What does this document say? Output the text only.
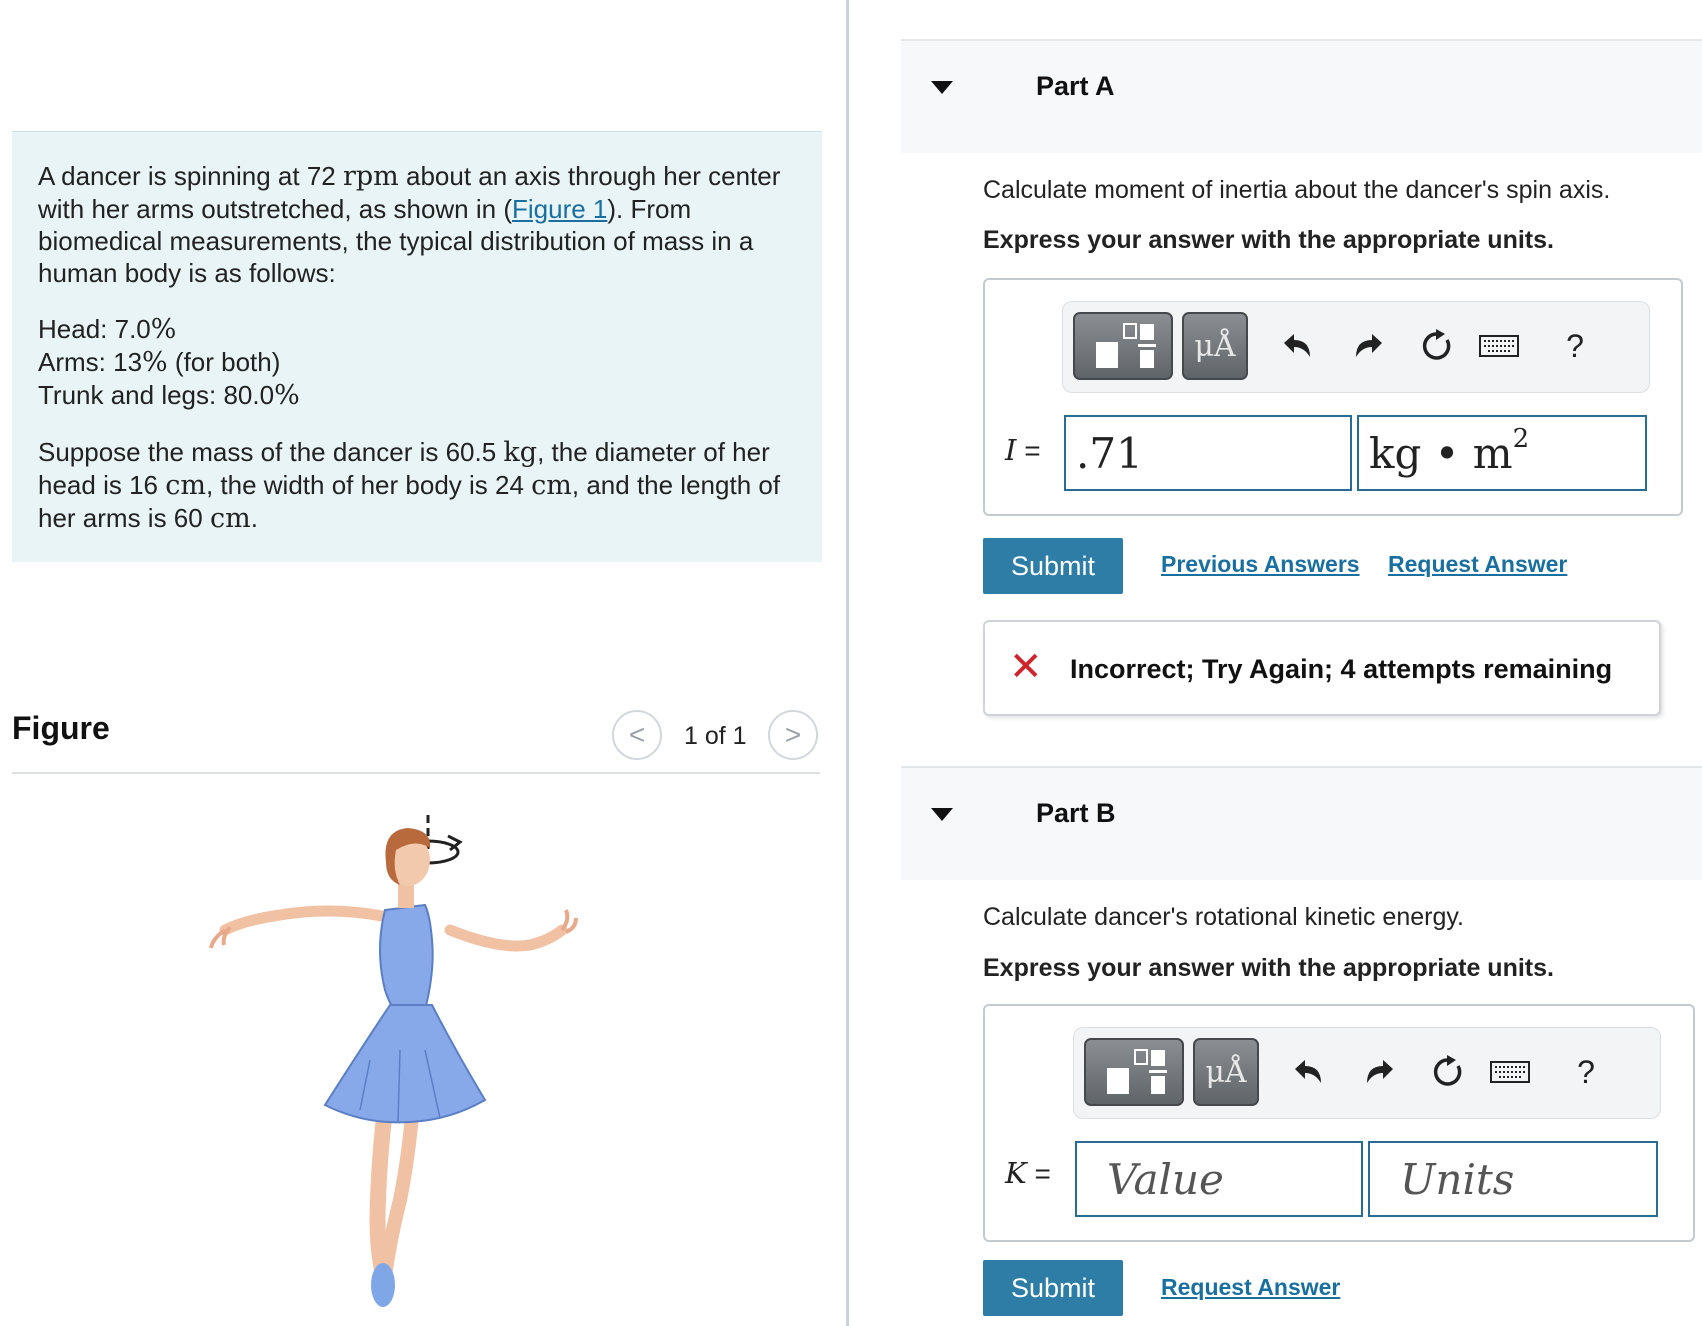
A dancer is spinning at 72 rpm about an axis through her center with her arms outstretched, as shown in (Figure 1). From biomedical measurements, the typical distribution of mass in a human body is as follows:

Head: 7.0%
Arms: 13% (for both)
Trunk and legs: 80.0%

Suppose the mass of the dancer is 60.5 kg, the diameter of her head is 16 cm, the width of her body is 24 cm, and the length of her arms is 60 cm.

Figure	< 1 of 1 >
Part A
Calculate moment of inertia about the dancer's spin axis.
Express your answer with the appropriate units.
μÅ	?
I = .71	kg • $m^2$
Submit	Previous Answers Request Answer
✕ Incorrect; Try Again; 4 attempts remaining
Part B
Calculate dancer's rotational kinetic energy.
Express your answer with the appropriate units.
μÅ	?
K = Value	Units
Submit	Request Answer
